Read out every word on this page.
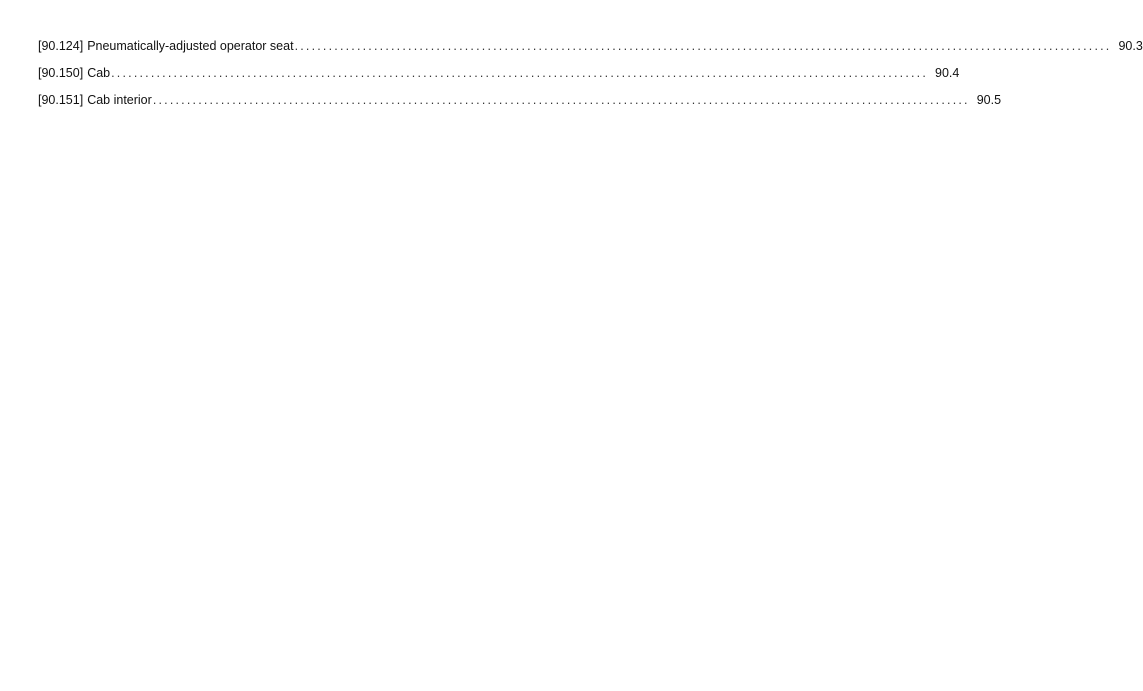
[90.124] Pneumatically-adjusted operator seat ................................................................................................................................................ 90.3
[90.150] Cab ................................................................................................................................................ 90.4
[90.151] Cab interior ................................................................................................................................................ 90.5
